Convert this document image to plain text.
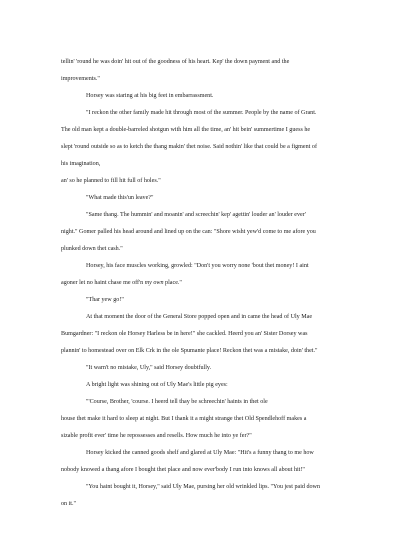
tellin' 'round he was doin' hit out of the goodness of his heart. Kep' the down payment and the

improvements."

Horsey was staring at his big feet in embarrassment.

"I reckon the other family made hit through most of the summer. People by the name of Grant.

The old man kept a double-barreled shotgun with him all the time, an' hit bein' summertime I guess he

slept 'round outside so as to ketch the thang makin' thet noise. Said nothin' like that could be a figment of

his imagination,

an' so he planned to fill hit full of holes."

"What made this'un leave?"

"Same thang. The hummin' and moanin' and screechin' kep' agettin' louder an' louder ever'

night." Gomer palled his head around and lined up on the can: "Shore wisht yew'd come to me afore you

plunked down thet cash."

Horsey, his face muscles working, growled: "Don't you worry none 'bout thet money! I aint

agoner let no haint chase me off'n my own place."

"Thar yew go!"

At that moment the door of the General Store popped open and in came the head of Uly Mae

Bumgardner: "I reckon ole Horsey Harless be in here!" she cackled. Heerd you an' Sister Dorsey was

plannin' to homestead over on Elk Crk in the ole Spumante place! Reckon thet was a mistake, doin' thet."

"It warn't no mistake, Uly," said Horsey doubtfully.

A bright light was shining out of Uly Mae's little pig eyes:

"'Course, Brother, 'course. I heerd tell thay be schreechin' haints in thet ole

house thet make it hard to sleep at night. But I thank it a might strange thet Old Spendlehoff makes a

sizable profit ever' time he repossesses and resells. How much he into ye fer?"

Horsey kicked the canned goods shelf and glared at Uly Mae: "Hit's a funny thang to me how

nobody knowed a thang afore I bought thet place and now ever'body I run into knows all about hit!"

"You haint bought it, Horsey," said Uly Mae, pursing her old wrinkled lips. "You jest paid down

on it."
